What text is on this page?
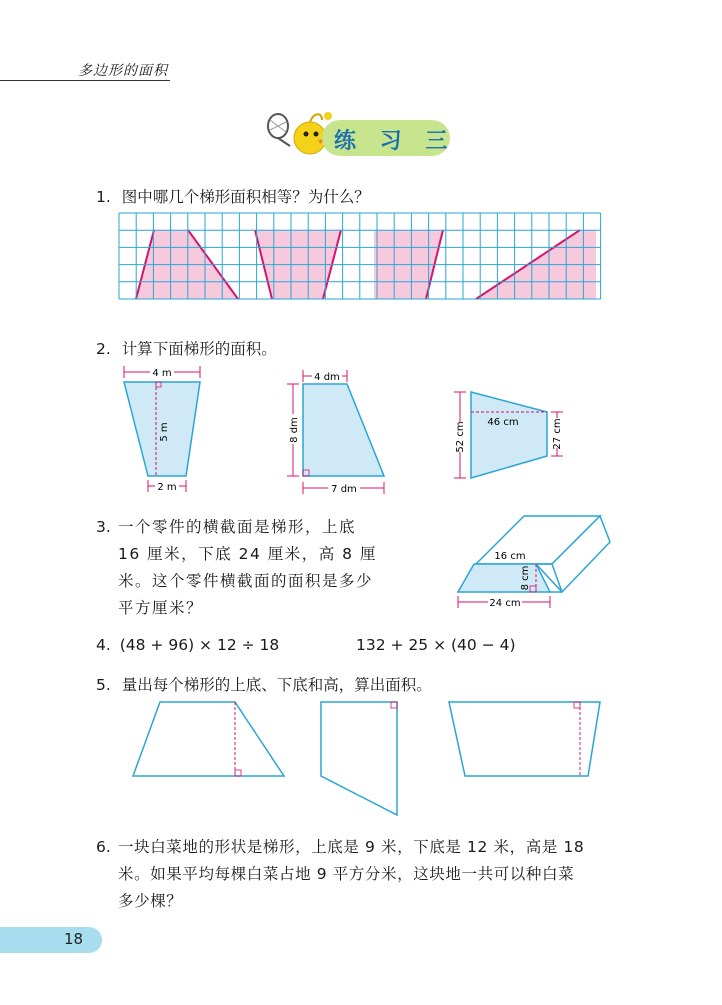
多边形的面积
练 习 三
1. 图中哪几个梯形面积相等？为什么？
2. 计算下面梯形的面积。
4 m
5 m
2 m
4 dm
8 dm
7 dm
52 cm 46 cm	27 cm
3. 一个零件的横截面是梯形，上底
16 厘米，下底 24 厘米，高 8 厘
米。这个零件横截面的面积是多少
平方厘米？
16 cm
8 cm
24 cm
4. (48 + 96) × 12 ÷ 18	132 + 25 × (40 − 4)
5. 量出每个梯形的上底、下底和高，算出面积。
6. 一块白菜地的形状是梯形，上底是 9 米，下底是 12 米，高是 18
米。如果平均每棵白菜占地 9 平方分米，这块地一共可以种白菜
多少棵？
18
